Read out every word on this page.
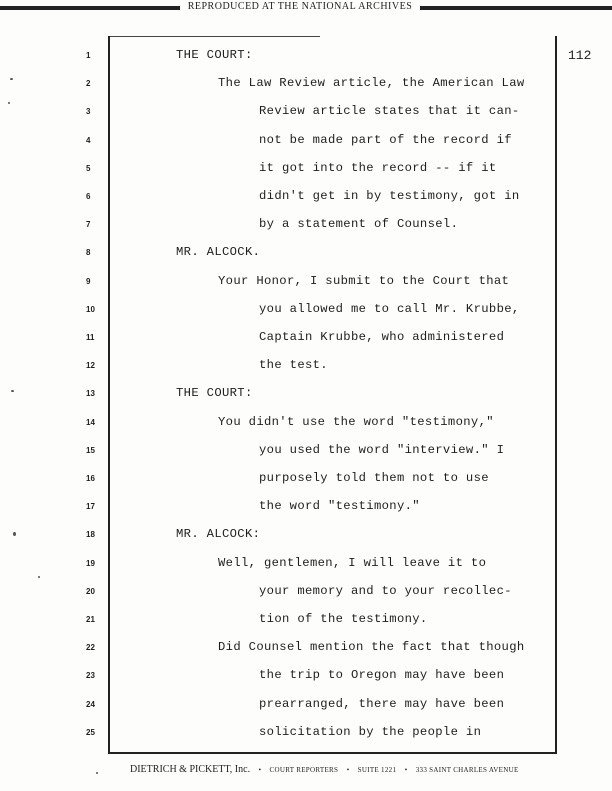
REPRODUCED AT THE NATIONAL ARCHIVES
112
1	THE COURT:
2	The Law Review article, the American Law
3	Review article states that it can-
4	not be made part of the record if
5	it got into the record -- if it
6	didn't get in by testimony, got in
7	by a statement of Counsel.
8	MR. ALCOCK.
9	Your Honor, I submit to the Court that
10	you allowed me to call Mr. Krubbe,
11	Captain Krubbe, who administered
12	the test.
13	THE COURT:
14	You didn't use the word "testimony,"
15	you used the word "interview." I
16	purposely told them not to use
17	the word "testimony."
18	MR. ALCOCK:
19	Well, gentlemen, I will leave it to
20	your memory and to your recollec-
21	tion of the testimony.
22	Did Counsel mention the fact that though
23	the trip to Oregon may have been
24	prearranged, there may have been
25	solicitation by the people in
DIETRICH & PICKETT, Inc. • COURT REPORTERS • SUITE 1221 • 333 SAINT CHARLES AVENUE
